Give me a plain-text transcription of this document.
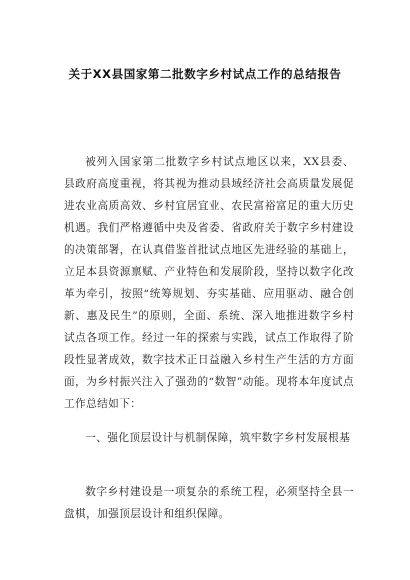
关于XX县国家第二批数字乡村试点工作的总结报告

被列入国家第二批数字乡村试点地区以来，XX县委、县政府高度重视，将其视为推动县域经济社会高质量发展促进农业高质高效、乡村宜居宜业、农民富裕富足的重大历史机遇。我们严格遵循中央及省委、省政府关于数字乡村建设的决策部署，在认真借鉴首批试点地区先进经验的基础上，立足本县资源禀赋、产业特色和发展阶段，坚持以数字化改革为牵引，按照“统筹规划、夯实基础、应用驱动、融合创新、惠及民生”的原则，全面、系统、深入地推进数字乡村试点各项工作。经过一年的探索与实践，试点工作取得了阶段性显著成效，数字技术正日益融入乡村生产生活的方方面面，为乡村振兴注入了强劲的“数智”动能。现将本年度试点工作总结如下：

一、强化顶层设计与机制保障，筑牢数字乡村发展根基

数字乡村建设是一项复杂的系统工程，必须坚持全县一盘棋，加强顶层设计和组织保障。
